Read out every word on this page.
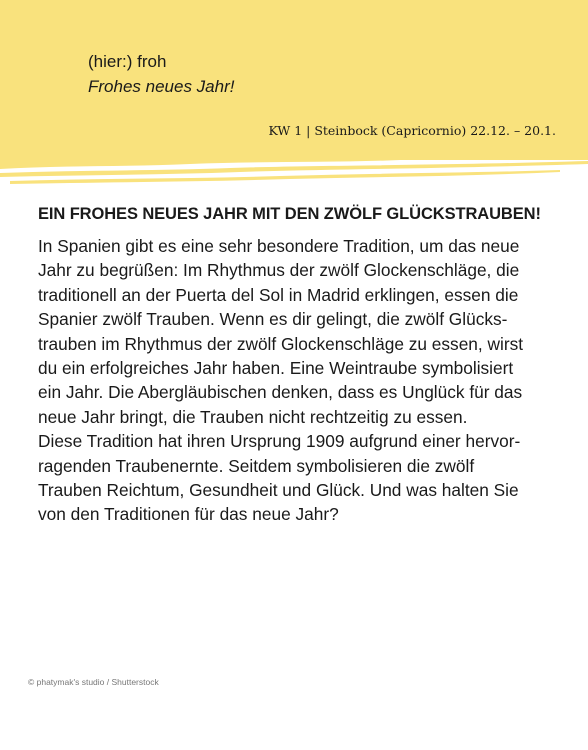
(hier:) froh
Frohes neues Jahr!
KW 1 | Steinbock (Capricornio) 22.12. – 20.1.
EIN FROHES NEUES JAHR MIT DEN ZWÖLF GLÜCKSTRAUBEN!
In Spanien gibt es eine sehr besondere Tradition, um das neue
Jahr zu begrüßen: Im Rhythmus der zwölf Glockenschläge, die
traditionell an der Puerta del Sol in Madrid erklingen, essen die
Spanier zwölf Trauben. Wenn es dir gelingt, die zwölf Glücks-
trauben im Rhythmus der zwölf Glockenschläge zu essen, wirst
du ein erfolgreiches Jahr haben. Eine Weintraube symbolisiert
ein Jahr. Die Abergläubischen denken, dass es Unglück für das
neue Jahr bringt, die Trauben nicht rechtzeitig zu essen.
Diese Tradition hat ihren Ursprung 1909 aufgrund einer hervor-
ragenden Traubenernte. Seitdem symbolisieren die zwölf
Trauben Reichtum, Gesundheit und Glück. Und was halten Sie
von den Traditionen für das neue Jahr?
© phatymak's studio / Shutterstock
